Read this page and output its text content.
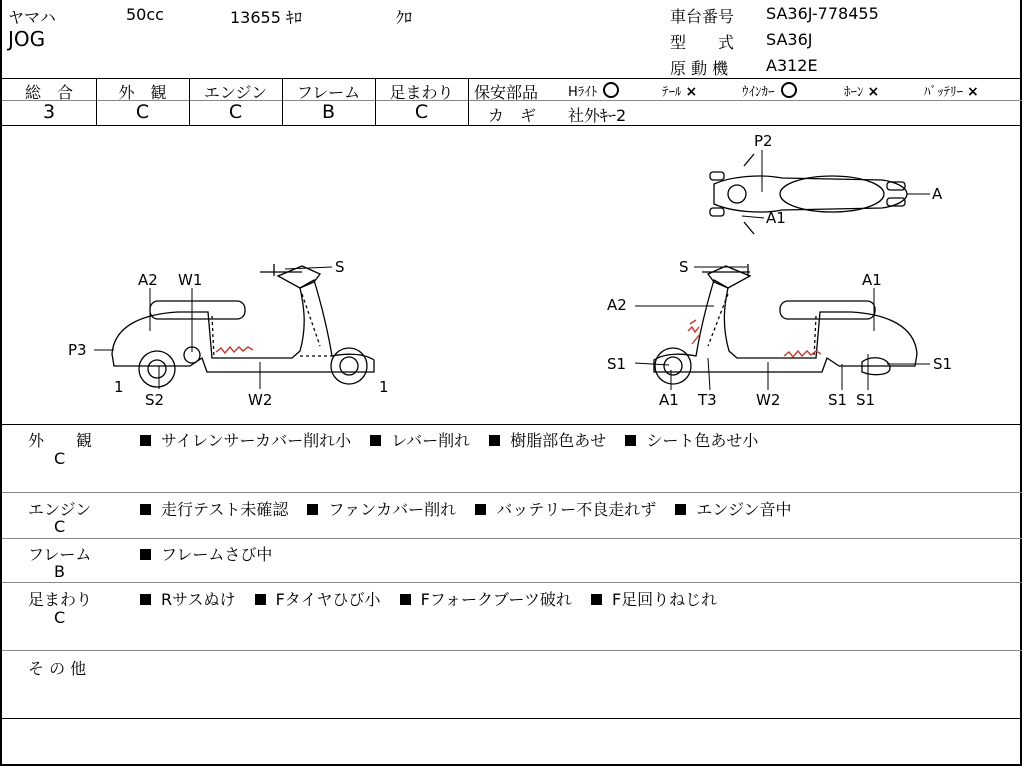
ヤマハ	50cc	13655 ｷﾛ	ｸﾛ
JOG
車台番号 SA36J-778455
型　　式 SA36J
原 動 機 A312E
総　合	外　観	エンジン	フレーム	足まわり
3	C	C	B	C
保安部品 Hﾗｲﾄ	ﾃｰﾙ ×	ｳｲﾝｶｰ	ﾎｰﾝ ×	ﾊﾞｯﾃﾘｰ ×
カ　ギ 社外ｷｰ2
S
A2 W1
P3
1
S2	W2
1
S
A2
A1
S1
A1 T3	W2	S1 S1
S1
P2
A
A1
外　　観
C
サイレンサーカバー削れ小	レバー削れ	樹脂部色あせ	シート色あせ小
エンジン
C
走行テスト未確認	ファンカバー削れ	バッテリー不良走れず	エンジン音中
フレーム
B
フレームさび中
足まわり
C
Rサスぬけ	Fタイヤひび小	Fフォークブーツ破れ	F足回りねじれ
そ の 他
